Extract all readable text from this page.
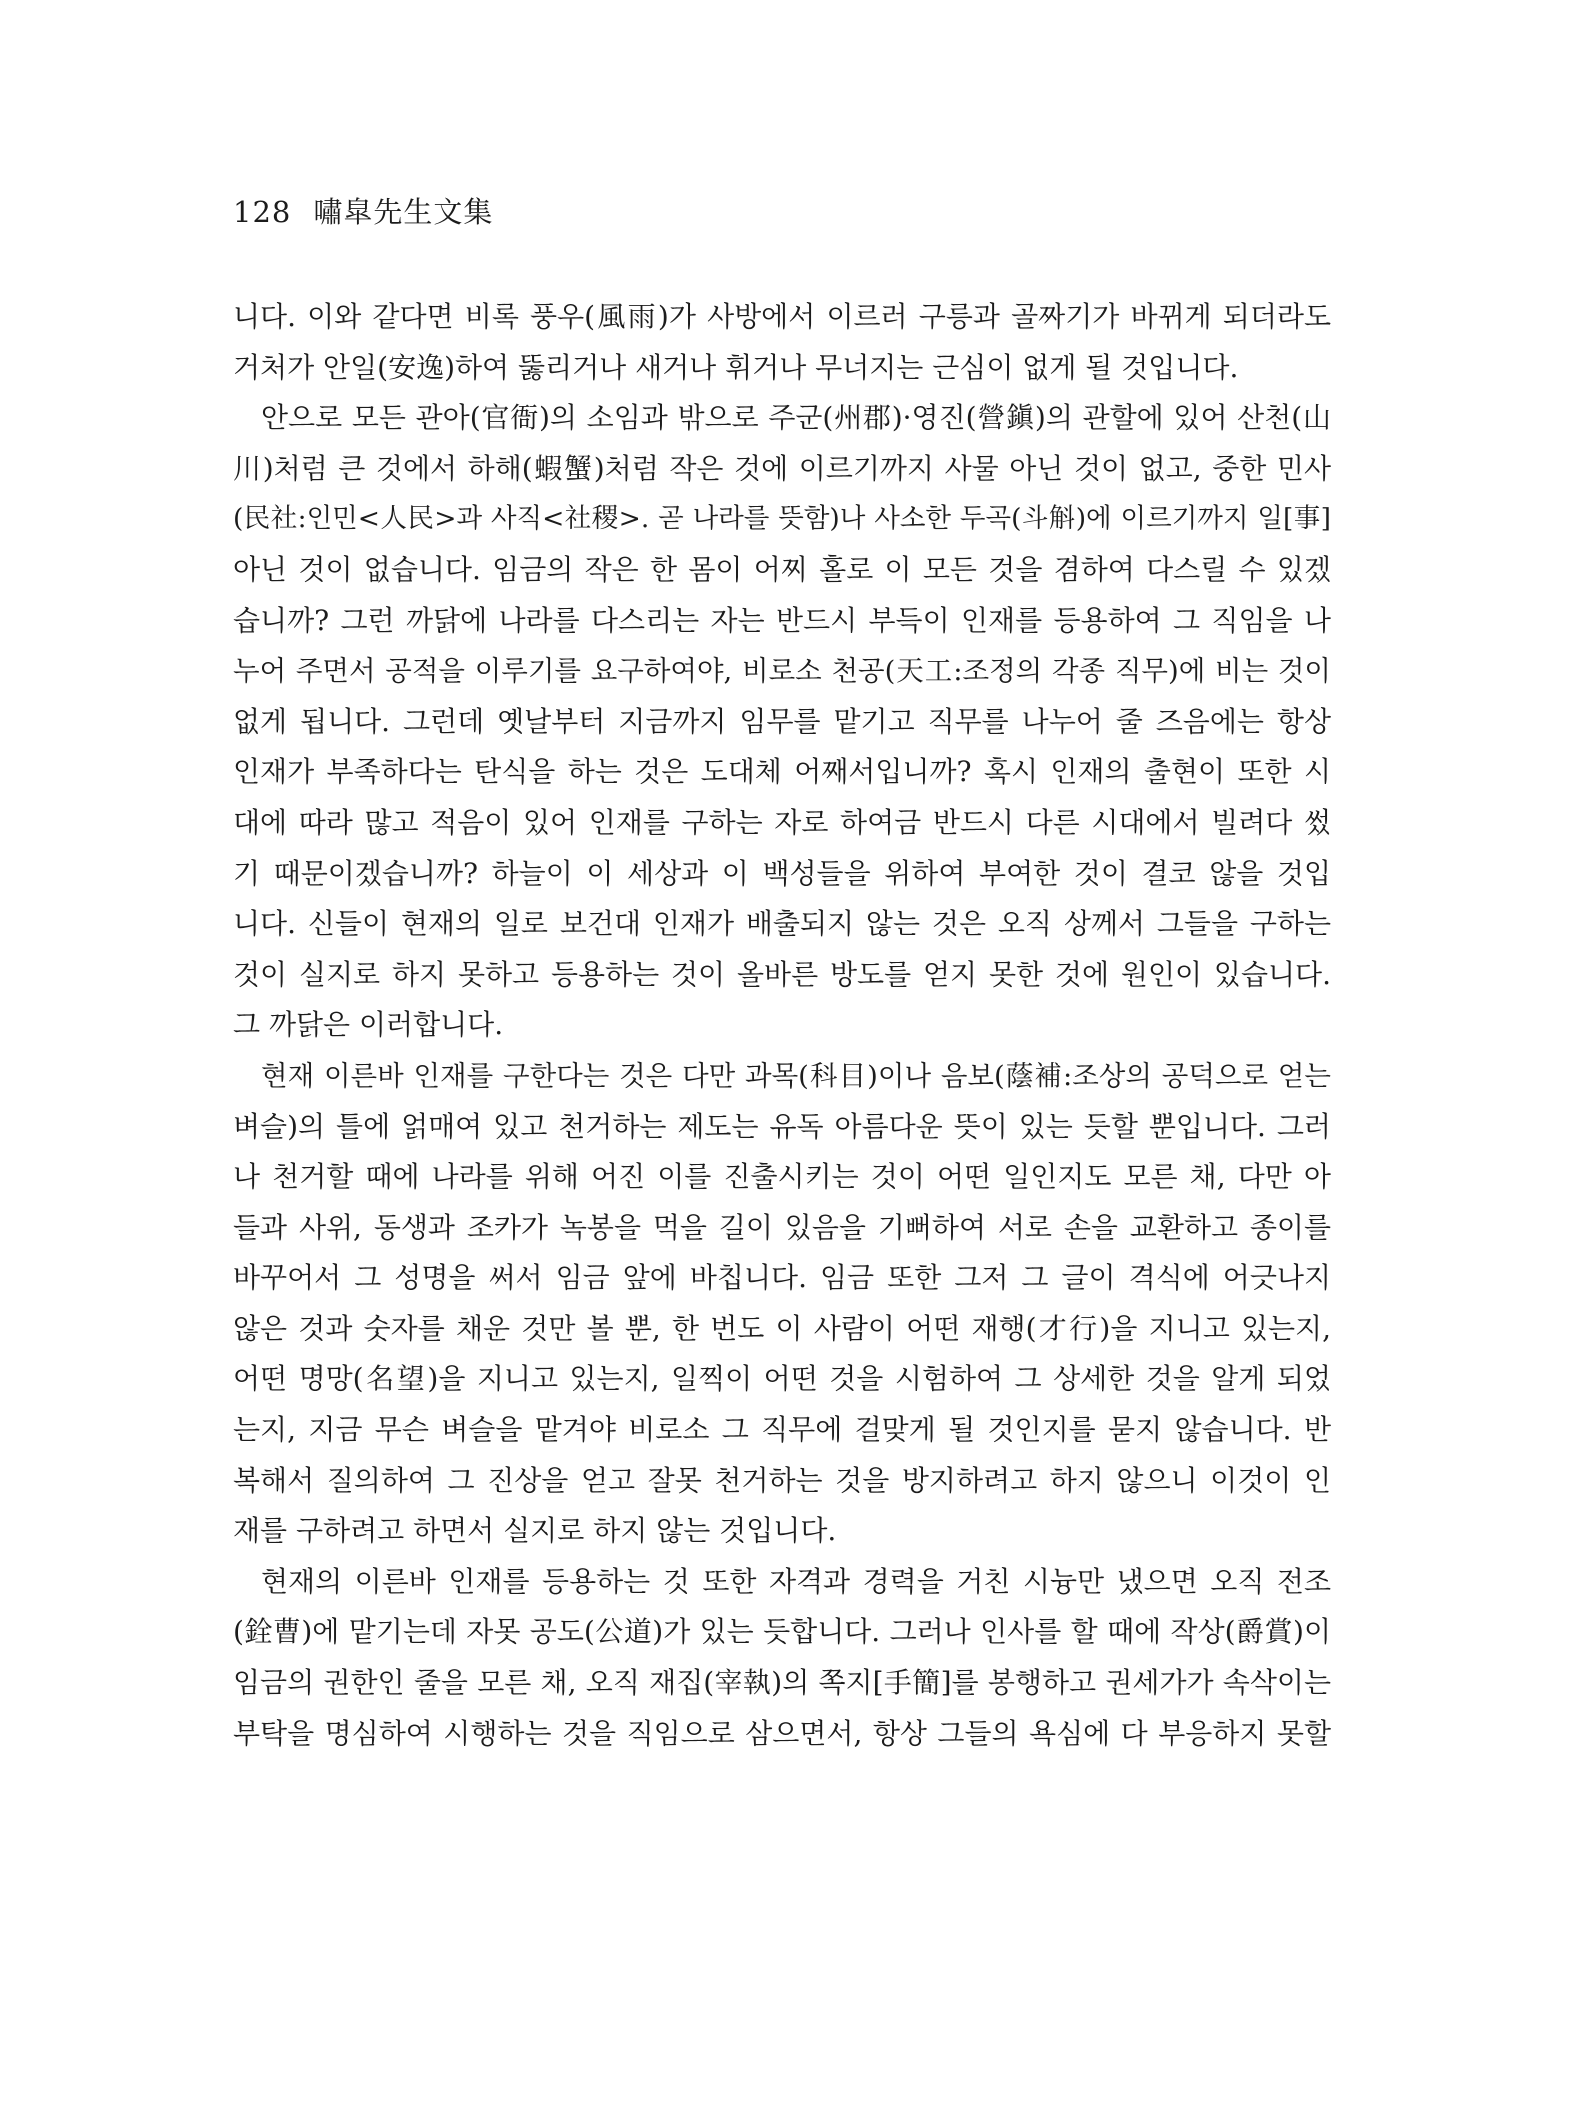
128 嘯皐先生文集
니다. 이와 같다면 비록 풍우(風雨)가 사방에서 이르러 구릉과 골짜기가 바뀌게 되더라도
거처가 안일(安逸)하여 뚫리거나 새거나 휘거나 무너지는 근심이 없게 될 것입니다.
안으로 모든 관아(官衙)의 소임과 밖으로 주군(州郡)·영진(營鎭)의 관할에 있어 산천(山
川)처럼 큰 것에서 하해(蝦蟹)처럼 작은 것에 이르기까지 사물 아닌 것이 없고, 중한 민사
(民社:인민<人民>과 사직<社稷>. 곧 나라를 뜻함)나 사소한 두곡(斗斛)에 이르기까지 일[事]
아닌 것이 없습니다. 임금의 작은 한 몸이 어찌 홀로 이 모든 것을 겸하여 다스릴 수 있겠
습니까? 그런 까닭에 나라를 다스리는 자는 반드시 부득이 인재를 등용하여 그 직임을 나
누어 주면서 공적을 이루기를 요구하여야, 비로소 천공(天工:조정의 각종 직무)에 비는 것이
없게 됩니다. 그런데 옛날부터 지금까지 임무를 맡기고 직무를 나누어 줄 즈음에는 항상
인재가 부족하다는 탄식을 하는 것은 도대체 어째서입니까? 혹시 인재의 출현이 또한 시
대에 따라 많고 적음이 있어 인재를 구하는 자로 하여금 반드시 다른 시대에서 빌려다 썼
기 때문이겠습니까? 하늘이 이 세상과 이 백성들을 위하여 부여한 것이 결코 않을 것입
니다. 신들이 현재의 일로 보건대 인재가 배출되지 않는 것은 오직 상께서 그들을 구하는
것이 실지로 하지 못하고 등용하는 것이 올바른 방도를 얻지 못한 것에 원인이 있습니다.
그 까닭은 이러합니다.
현재 이른바 인재를 구한다는 것은 다만 과목(科目)이나 음보(蔭補:조상의 공덕으로 얻는
벼슬)의 틀에 얽매여 있고 천거하는 제도는 유독 아름다운 뜻이 있는 듯할 뿐입니다. 그러
나 천거할 때에 나라를 위해 어진 이를 진출시키는 것이 어떤 일인지도 모른 채, 다만 아
들과 사위, 동생과 조카가 녹봉을 먹을 길이 있음을 기뻐하여 서로 손을 교환하고 종이를
바꾸어서 그 성명을 써서 임금 앞에 바칩니다. 임금 또한 그저 그 글이 격식에 어긋나지
않은 것과 숫자를 채운 것만 볼 뿐, 한 번도 이 사람이 어떤 재행(才行)을 지니고 있는지,
어떤 명망(名望)을 지니고 있는지, 일찍이 어떤 것을 시험하여 그 상세한 것을 알게 되었
는지, 지금 무슨 벼슬을 맡겨야 비로소 그 직무에 걸맞게 될 것인지를 묻지 않습니다. 반
복해서 질의하여 그 진상을 얻고 잘못 천거하는 것을 방지하려고 하지 않으니 이것이 인
재를 구하려고 하면서 실지로 하지 않는 것입니다.
현재의 이른바 인재를 등용하는 것 또한 자격과 경력을 거친 시늉만 냈으면 오직 전조
(銓曹)에 맡기는데 자못 공도(公道)가 있는 듯합니다. 그러나 인사를 할 때에 작상(爵賞)이
임금의 권한인 줄을 모른 채, 오직 재집(宰執)의 쪽지[手簡]를 봉행하고 권세가가 속삭이는
부탁을 명심하여 시행하는 것을 직임으로 삼으면서, 항상 그들의 욕심에 다 부응하지 못할
